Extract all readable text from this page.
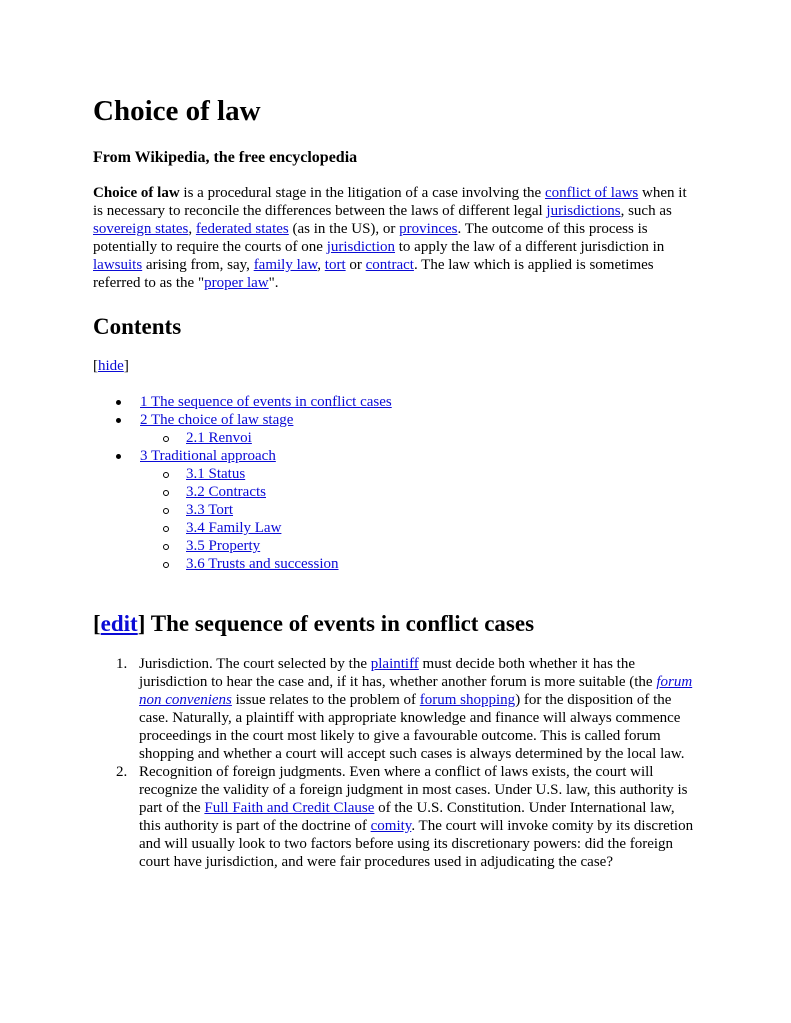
Choice of law

From Wikipedia, the free encyclopedia

Choice of law is a procedural stage in the litigation of a case involving the conflict of laws when it is necessary to reconcile the differences between the laws of different legal jurisdictions, such as sovereign states, federated states (as in the US), or provinces. The outcome of this process is potentially to require the courts of one jurisdiction to apply the law of a different jurisdiction in lawsuits arising from, say, family law, tort or contract. The law which is applied is sometimes referred to as the "proper law".

Contents
[hide]
1 The sequence of events in conflict cases
2 The choice of law stage
2.1 Renvoi
3 Traditional approach
3.1 Status
3.2 Contracts
3.3 Tort
3.4 Family Law
3.5 Property
3.6 Trusts and succession
[edit] The sequence of events in conflict cases
1. Jurisdiction. The court selected by the plaintiff must decide both whether it has the jurisdiction to hear the case and, if it has, whether another forum is more suitable (the forum non conveniens issue relates to the problem of forum shopping) for the disposition of the case. Naturally, a plaintiff with appropriate knowledge and finance will always commence proceedings in the court most likely to give a favourable outcome. This is called forum shopping and whether a court will accept such cases is always determined by the local law.
2. Recognition of foreign judgments. Even where a conflict of laws exists, the court will recognize the validity of a foreign judgment in most cases. Under U.S. law, this authority is part of the Full Faith and Credit Clause of the U.S. Constitution. Under International law, this authority is part of the doctrine of comity. The court will invoke comity by its discretion and will usually look to two factors before using its discretionary powers: did the foreign court have jurisdiction, and were fair procedures used in adjudicating the case?
